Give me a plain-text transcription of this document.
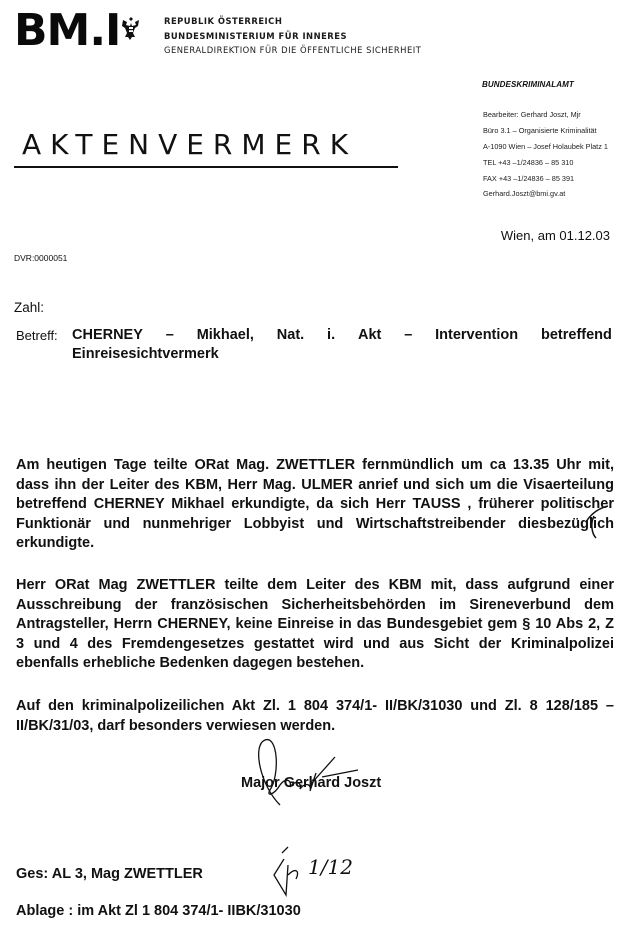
BM.I	REPUBLIK ÖSTERREICH
BUNDESMINISTERIUM FÜR INNERES
GENERALDIREKTION FÜR DIE ÖFFENTLICHE SICHERHEIT
BUNDESKRIMINALAMT
Bearbeiter: Gerhard Joszt, Mjr
Büro 3.1 – Organisierte Kriminalität
A-1090 Wien – Josef Holaubek Platz 1
TEL +43 –1/24836 – 85 310
FAX +43 –1/24836 – 85 391
Gerhard.Joszt@bmi.gv.at
AKTENVERMERK
Wien, am 01.12.03
DVR:0000051
Zahl:
Betreff: CHERNEY – Mikhael, Nat. i. Akt – Intervention betreffend
Einreisesichtvermerk
Am heutigen Tage teilte ORat Mag. ZWETTLER fernmündlich um ca 13.35 Uhr mit, dass ihn der Leiter des KBM, Herr Mag. ULMER anrief und sich um die Visaerteilung betreffend CHERNEY Mikhael erkundigte, da sich Herr TAUSS , früherer politischer Funktionär und nunmehriger Lobbyist und Wirtschaftstreibender diesbezüglich erkundigte.
Herr ORat Mag ZWETTLER teilte dem Leiter des KBM mit, dass aufgrund einer Ausschreibung der französischen Sicherheitsbehörden im Sireneverbund dem Antragsteller, Herrn CHERNEY, keine Einreise in das Bundesgebiet gem § 10 Abs 2, Z 3 und 4 des Fremdengesetzes gestattet wird und aus Sicht der Kriminalpolizei ebenfalls erhebliche Bedenken dagegen bestehen.
Auf den kriminalpolizeilichen Akt Zl. 1 804 374/1- II/BK/31030 und Zl. 8 128/185 – II/BK/31/03, darf besonders verwiesen werden.
Major Gerhard Joszt
Ges: AL 3, Mag ZWETTLER	1/12
Ablage : im Akt Zl 1 804 374/1- IIBK/31030
